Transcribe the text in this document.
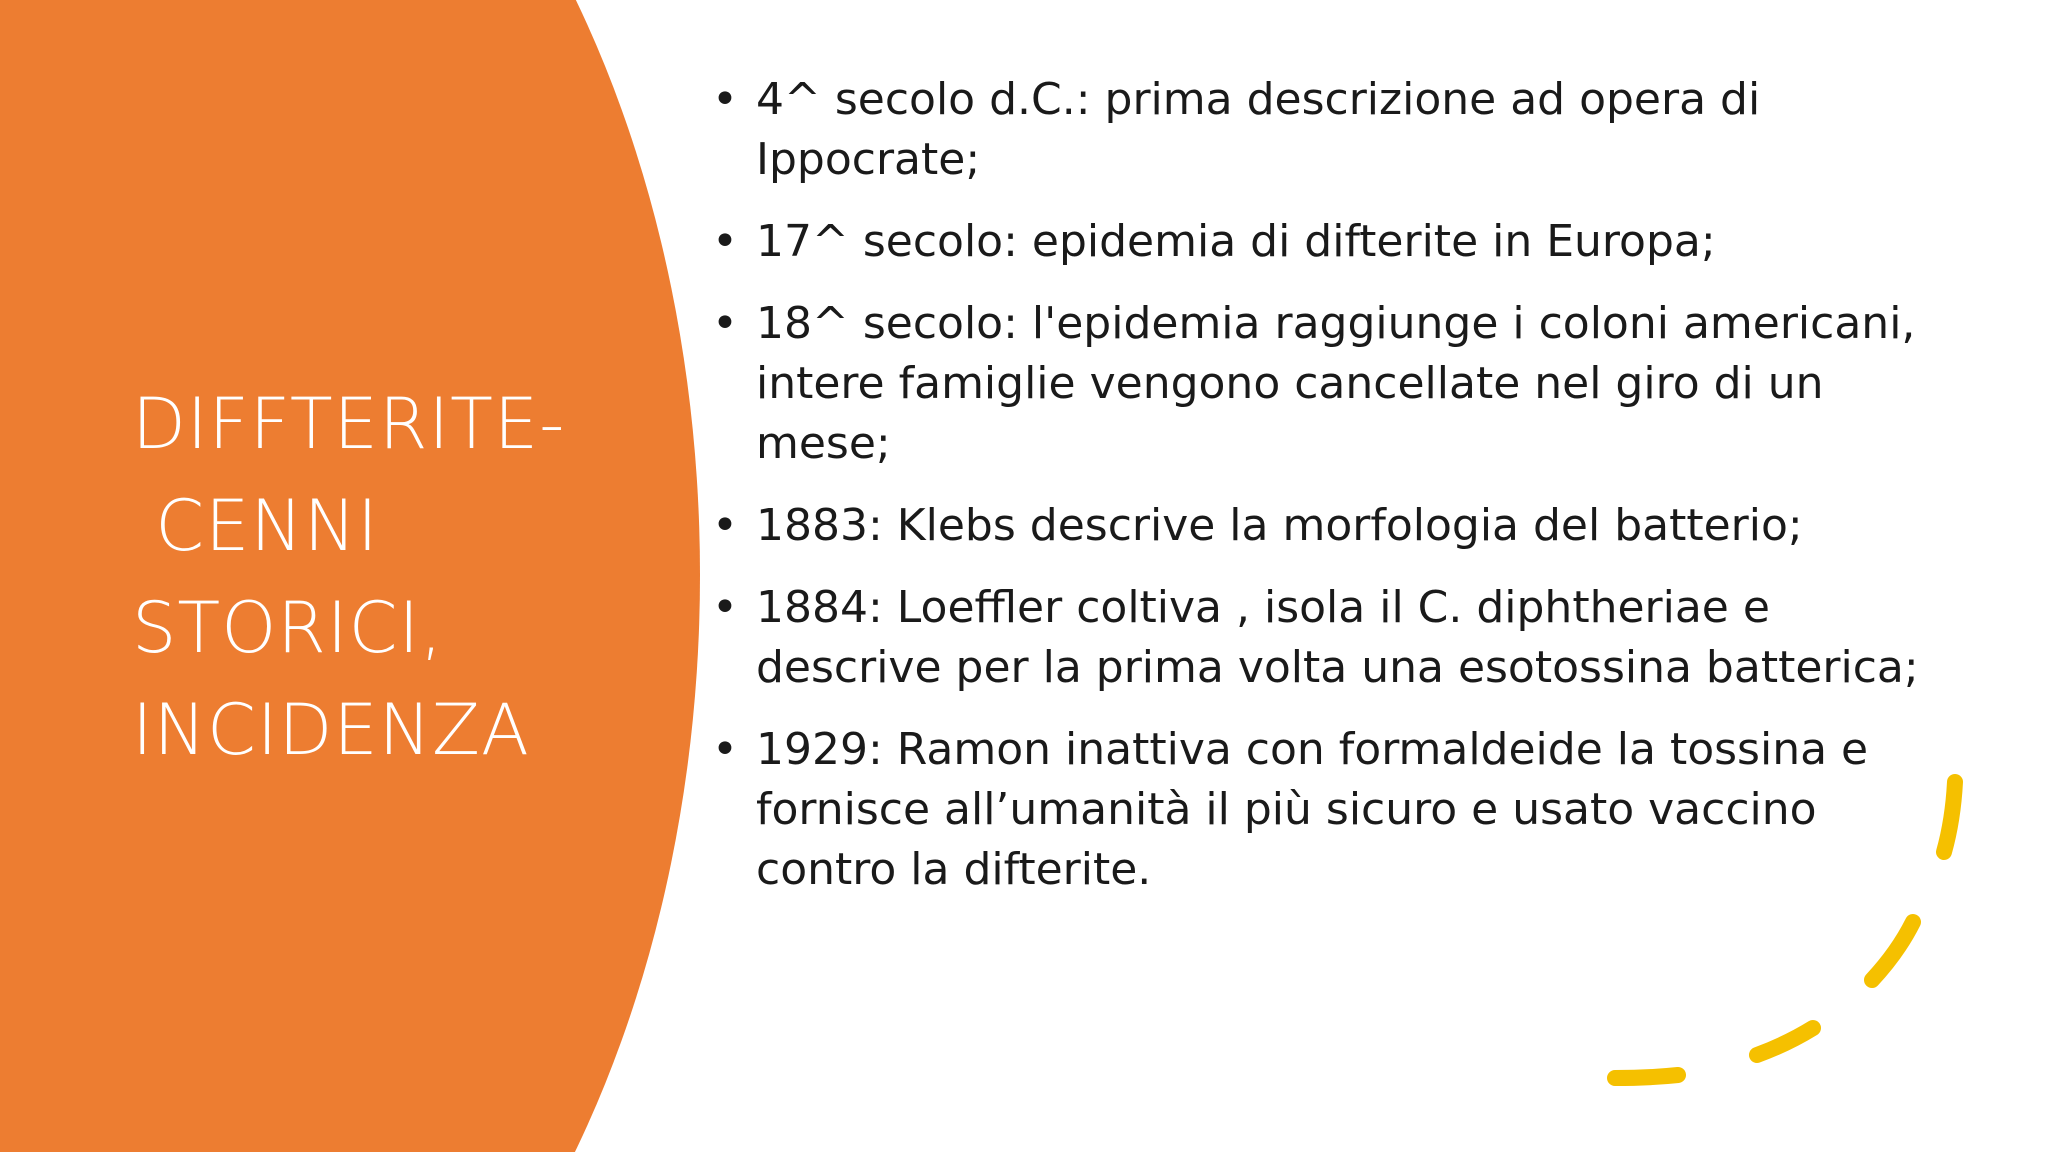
DIFFTERITE-
CENNI
STORICI,
INCIDENZA
• 4^ secolo d.C.: prima descrizione ad opera di Ippocrate;
• 17^ secolo: epidemia di difterite in Europa;
• 18^ secolo: l'epidemia raggiunge i coloni americani, intere famiglie vengono cancellate nel giro di un mese;
• 1883: Klebs descrive la morfologia del batterio;
• 1884: Loeffler coltiva , isola il C. diphtheriae e descrive per la prima volta una esotossina batterica;
• 1929: Ramon inattiva con formaldeide la tossina e fornisce all’umanità il più sicuro e usato vaccino contro la difterite.
